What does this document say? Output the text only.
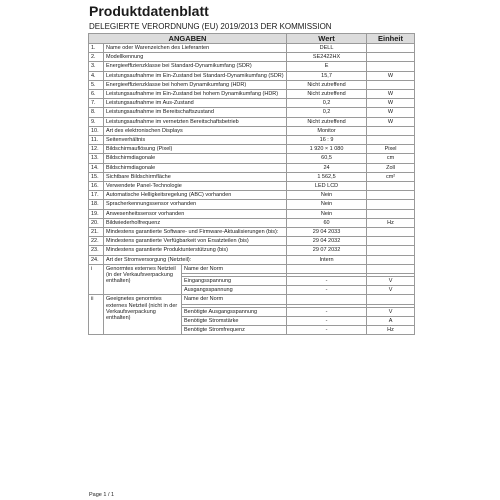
Produktdatenblatt
DELEGIERTE VERORDNUNG (EU) 2019/2013 DER KOMMISSION
ANGABEN			Wert	Einheit
1.	Name oder Warenzeichen des Lieferanten		DELL	
2.	Modellkennung		SE2422HX	
3.	Energieeffizienzklasse bei Standard-Dynamikumfang (SDR)		E	
4.	Leistungsaufnahme im Ein-Zustand bei Standard-Dynamikumfang (SDR)		15,7	W
5.	Energieeffizienzklasse bei hohem Dynamikumfang (HDR)		Nicht zutreffend	
6.	Leistungsaufnahme im Ein-Zustand bei hohem Dynamikumfang (HDR)		Nicht zutreffend	W
7.	Leistungsaufnahme im Aus-Zustand		0,2	W
8.	Leistungsaufnahme im Bereitschaftszustand		0,2	W
9.	Leistungsaufnahme im vernetzten Bereitschaftsbetrieb		Nicht zutreffend	W
10.	Art des elektronischen Displays		Monitor	
11.	Seitenverhältnis		16 : 9	
12.	Bildschirmauflösung (Pixel)		1 920 × 1 080	Pixel
13.	Bildschirmdiagonale		60,5	cm
14.	Bildschirmdiagonale		24	Zoll
15.	Sichtbare Bildschirmfläche		1 562,5	cm²
16.	Verwendete Panel-Technologie		LED LCD	
17.	Automatische Helligkeitsregelung (ABC) vorhanden		Nein	
18.	Spracherkennungssensor vorhanden		Nein	
19.	Anwesenheitssensor vorhanden		Nein	
20.	Bildwiederholfrequenz		60	Hz
21.	Mindestens garantierte Software- und Firmware-Aktualisierungen (bis):		29 04 2033	
22.	Mindestens garantierte Verfügbarkeit von Ersatzteilen (bis)		29 04 2032	
23.	Mindestens garantierte Produktunterstützung (bis)		29 07 2032	
24.	Art der Stromversorgung (Netzteil):		Intern	
i	Genormtes externes Netzteil (in der Verkaufsverpackung enthalten)	Name der Norm		

		Eingangsspannung	-	V
		Ausgangsspannung	-	V
ii	Geeignetes genormtes externes Netzteil (nicht in der Verkaufsverpackung enthalten)	Name der Norm		

		Benötigte Ausgangsspannung	-	V
		Benötigte Stromstärke	-	A
		Benötigte Stromfrequenz	-	Hz
Page 1 / 1
